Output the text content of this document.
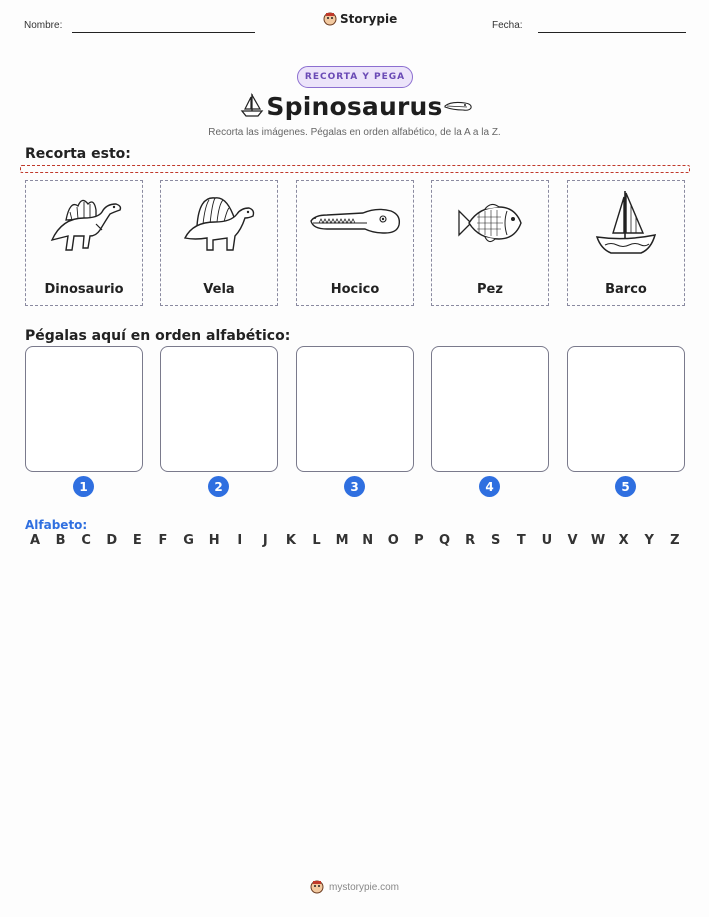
Nombre:	Storypie	Fecha:
RECORTA Y PEGA
Spinosaurus
Recorta las imágenes. Pégalas en orden alfabético, de la A a la Z.
Recorta esto:
Dinosaurio	Vela	Hocico	Pez	Barco
Pégalas aquí en orden alfabético:
1	2	3	4	5
Alfabeto:
A	B	C	D	E	F	G	H	I	J	K	L	M	N	O	P	Q	R	S	T	U	V	W	X	Y	Z
mystorypie.com
